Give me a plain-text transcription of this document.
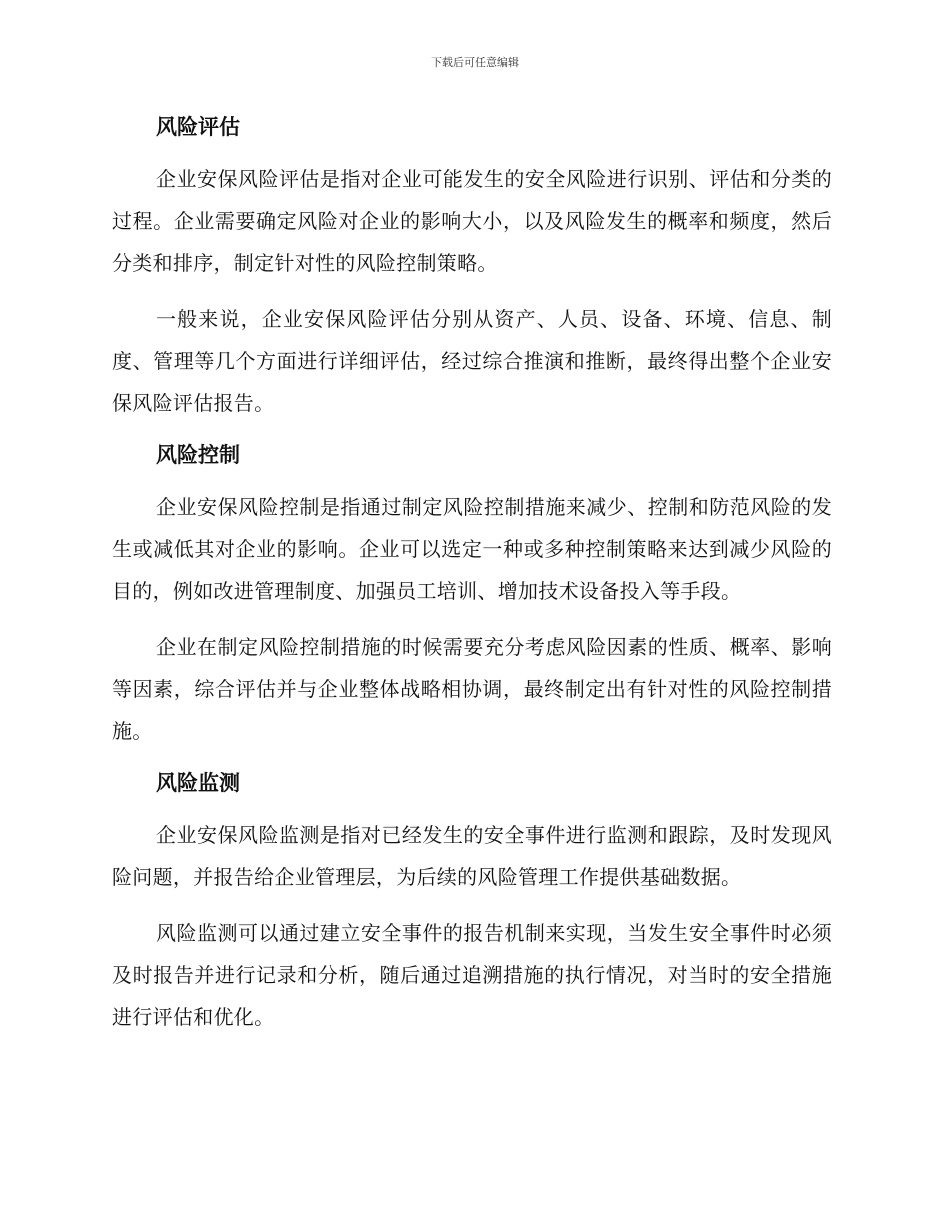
下载后可任意编辑
风险评估

企业安保风险评估是指对企业可能发生的安全风险进行识别、评估和分类的过程。企业需要确定风险对企业的影响大小，以及风险发生的概率和频度，然后分类和排序，制定针对性的风险控制策略。

一般来说，企业安保风险评估分别从资产、人员、设备、环境、信息、制度、管理等几个方面进行详细评估，经过综合推演和推断，最终得出整个企业安保风险评估报告。

风险控制

企业安保风险控制是指通过制定风险控制措施来减少、控制和防范风险的发生或减低其对企业的影响。企业可以选定一种或多种控制策略来达到减少风险的目的，例如改进管理制度、加强员工培训、增加技术设备投入等手段。

企业在制定风险控制措施的时候需要充分考虑风险因素的性质、概率、影响等因素，综合评估并与企业整体战略相协调，最终制定出有针对性的风险控制措施。

风险监测

企业安保风险监测是指对已经发生的安全事件进行监测和跟踪，及时发现风险问题，并报告给企业管理层，为后续的风险管理工作提供基础数据。

风险监测可以通过建立安全事件的报告机制来实现，当发生安全事件时必须及时报告并进行记录和分析，随后通过追溯措施的执行情况，对当时的安全措施进行评估和优化。
